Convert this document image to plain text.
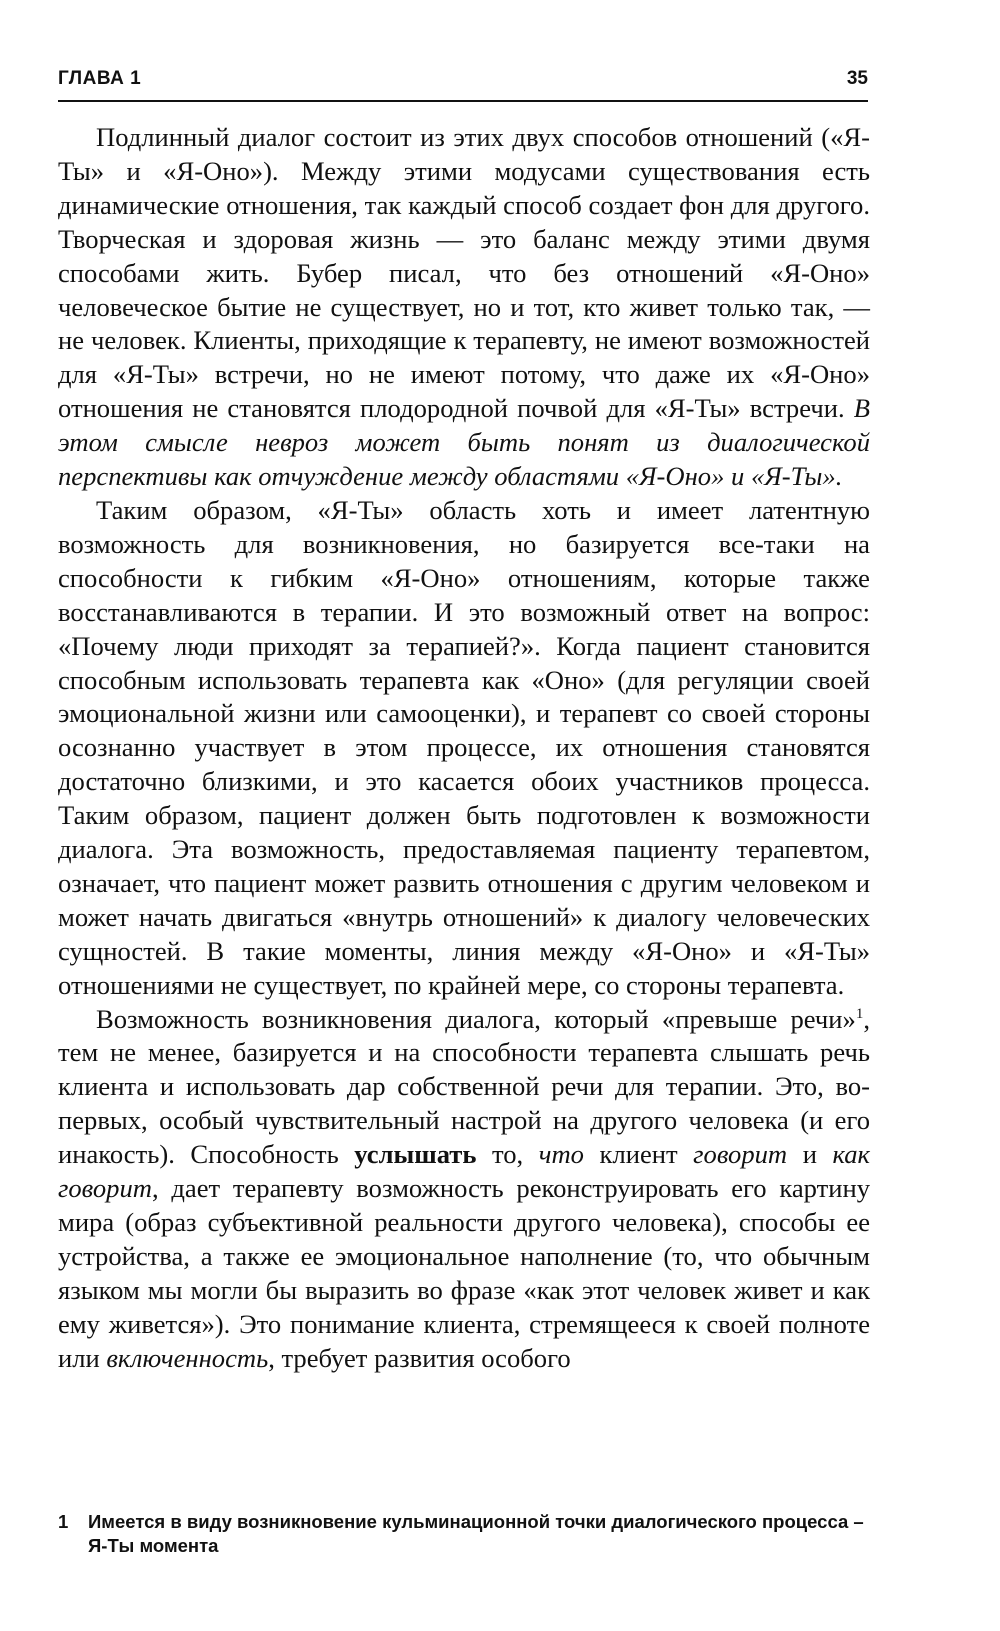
ГЛАВА 1	35

Подлинный диалог состоит из этих двух способов отношений («Я-Ты» и «Я-Оно»). Между этими модусами существования есть динамические отношения, так каждый способ создает фон для другого. Творческая и здоровая жизнь — это баланс между этими двумя способами жить. Бубер писал, что без отношений «Я-Оно» человеческое бытие не существует, но и тот, кто живет только так, — не человек. Клиенты, приходящие к терапевту, не имеют возможностей для «Я-Ты» встречи, но не имеют потому, что даже их «Я-Оно» отношения не становятся плодородной почвой для «Я-Ты» встречи. В этом смысле невроз может быть понят из диалогической перспективы как отчуждение между областями «Я-Оно» и «Я-Ты».

Таким образом, «Я-Ты» область хоть и имеет латентную возможность для возникновения, но базируется все-таки на способности к гибким «Я-Оно» отношениям, которые также восстанавливаются в терапии. И это возможный ответ на вопрос: «Почему люди приходят за терапией?». Когда пациент становится способным использовать терапевта как «Оно» (для регуляции своей эмоциональной жизни или самооценки), и терапевт со своей стороны осознанно участвует в этом процессе, их отношения становятся достаточно близкими, и это касается обоих участников процесса. Таким образом, пациент должен быть подготовлен к возможности диалога. Эта возможность, предоставляемая пациенту терапевтом, означает, что пациент может развить отношения с другим человеком и может начать двигаться «внутрь отношений» к диалогу человеческих сущностей. В такие моменты, линия между «Я-Оно» и «Я-Ты» отношениями не существует, по крайней мере, со стороны терапевта.

Возможность возникновения диалога, который «превыше речи»$^1$, тем не менее, базируется и на способности терапевта слышать речь клиента и использовать дар собственной речи для терапии. Это, во-первых, особый чувствительный настрой на другого человека (и его инакость). Способность услышать то, что клиент говорит и как говорит, дает терапевту возможность реконструировать его картину мира (образ субъективной реальности другого человека), способы ее устройства, а также ее эмоциональное наполнение (то, что обычным языком мы могли бы выразить во фразе «как этот человек живет и как ему живется»). Это понимание клиента, стремящееся к своей полноте или включенность, требует развития особого

1 Имеется в виду возникновение кульминационной точки диалогического процесса – Я-Ты момента
